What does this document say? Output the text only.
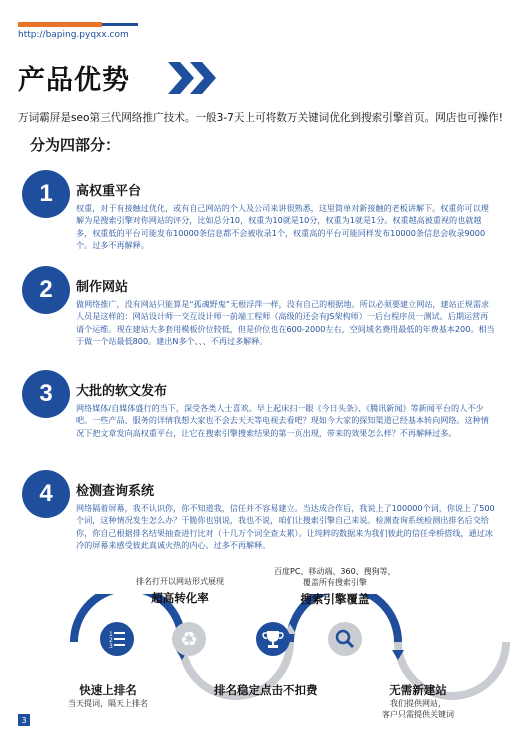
http://baping.pyqxx.com
产品优势
万词霸屏是seo第三代网络推广技术。一般3-7天上可将数万关键词优化到搜索引擎首页。网店也可操作!
分为四部分：
1	高权重平台
权重，对于有接触过优化，或有自己网站的个人及公司来讲很熟悉，这里简单对新接触的老板讲解下。权重你可以理解为是搜索引擎对你网站的评分，比如总分10，权重为10就是10分，权重为1就是1分。权重越高被重视的也就越多，权重低的平台可能发布10000条信息都不会被收录1个，权重高的平台可能同样发布10000条信息会收录9000个。过多不再解释。
2	制作网站
做网络推广，没有网站只能算是“孤魂野鬼”无根浮萍一样，没有自己的根据地。所以必须要建立网站，建站正规需求人员是这样的：网站设计师一交互设计师一前端工程师（高级的还会有JS架构师）一后台程序员一测试。后期运营再请个运维。现在建站大多套用模板价位较低，但是价位也在600-2000左右，空间域名费用最低的年费基本200。相当于做一个站最低800。建出N多个、、、不再过多解释。
3	大批的软文发布
网络媒体/自媒体盛行的当下，深受各类人士喜欢。早上起床扫一眼《今日头条》、《腾讯新闻》等新闻平台的人不少吧。一些产品、服务的详情我想大家也不会去天天等电视去看吧？现如今大家的探知渠道已经基本转向网络。这种情况下把文章发向高权重平台，让它在搜索引擎搜索结果的第一页出现，带来的效果怎么样？不再解释过多。
4	检测查询系统
网络隔着屏幕，我不认识你，你不知道我，信任并不容易建立。当达成合作后，我说上了100000个词，你说上了500个词，这种情况发生怎么办？干脆你也别说，我也不说，咱们让搜索引擎自己来说。检测查询系统检测出排名后交给你，你自己根据排名结果抽查进行比对（十几万个词全查太累）。让纯粹的数据来为我们彼此的信任牵桥搭线，通过冰冷的屏幕来感受彼此真诚火热的内心。过多不再解释。
1
2
3	♻
排名打开以网站形式展现
超高转化率
百度PC、移动端、360、搜狗等，
覆盖所有搜索引擎
搜索引擎覆盖
快速上排名
当天提词，隔天上排名
排名稳定点击不扣费	无需新建站
我们提供网站，
客户只需提供关键词
3
